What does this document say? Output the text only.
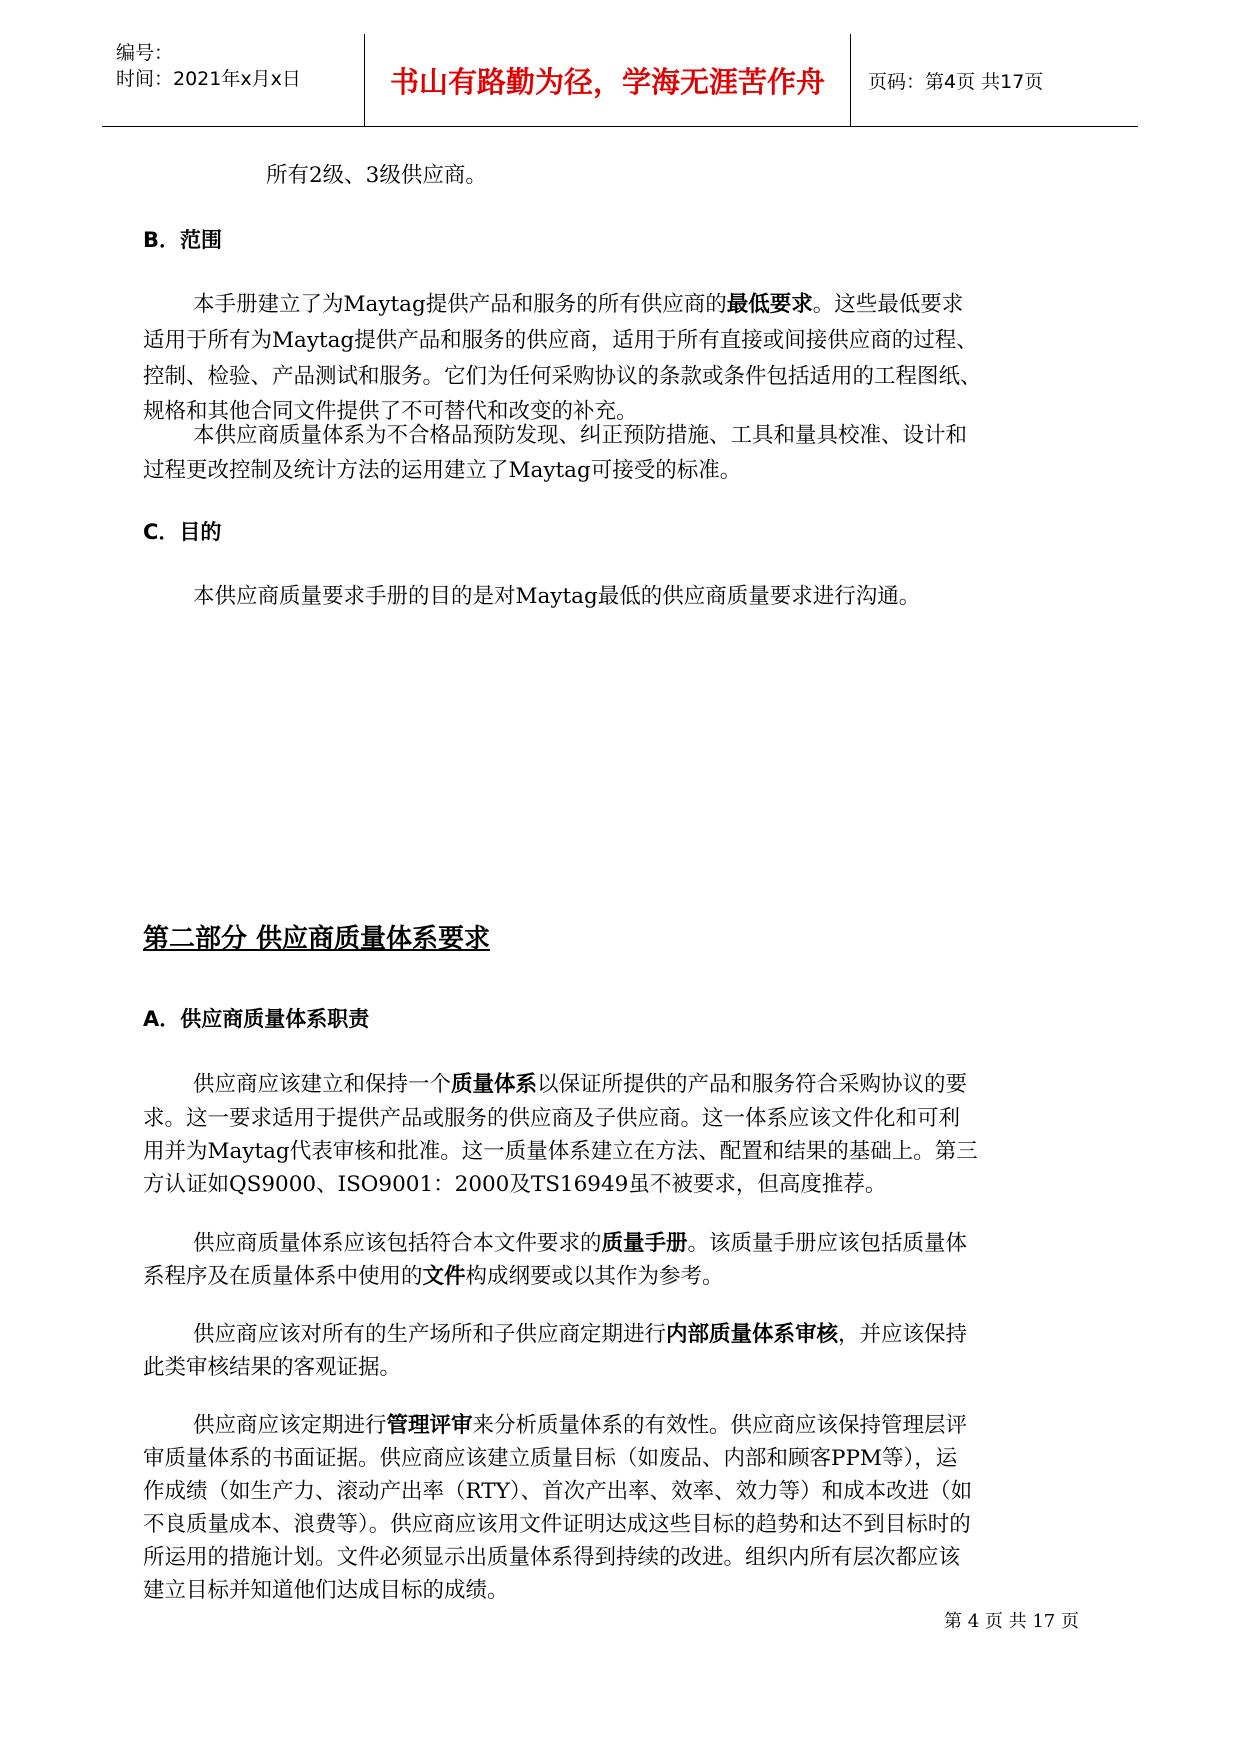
编号：
时间：2021年x月x日	书山有路勤为径，学海无涯苦作舟 页码：第4页 共17页
所有2级、3级供应商。
B．范围
本手册建立了为Maytag提供产品和服务的所有供应商的最低要求。这些最低要求
适用于所有为Maytag提供产品和服务的供应商，适用于所有直接或间接供应商的过程、
控制、检验、产品测试和服务。它们为任何采购协议的条款或条件包括适用的工程图纸、
规格和其他合同文件提供了不可替代和改变的补充。
本供应商质量体系为不合格品预防发现、纠正预防措施、工具和量具校准、设计和
过程更改控制及统计方法的运用建立了Maytag可接受的标准。
C．目的
本供应商质量要求手册的目的是对Maytag最低的供应商质量要求进行沟通。
第二部分 供应商质量体系要求
A．供应商质量体系职责
供应商应该建立和保持一个质量体系以保证所提供的产品和服务符合采购协议的要
求。这一要求适用于提供产品或服务的供应商及子供应商。这一体系应该文件化和可利
用并为Maytag代表审核和批准。这一质量体系建立在方法、配置和结果的基础上。第三
方认证如QS9000、ISO9001：2000及TS16949虽不被要求，但高度推荐。
供应商质量体系应该包括符合本文件要求的质量手册。该质量手册应该包括质量体
系程序及在质量体系中使用的文件构成纲要或以其作为参考。
供应商应该对所有的生产场所和子供应商定期进行内部质量体系审核，并应该保持
此类审核结果的客观证据。
供应商应该定期进行管理评审来分析质量体系的有效性。供应商应该保持管理层评
审质量体系的书面证据。供应商应该建立质量目标（如废品、内部和顾客PPM等），运
作成绩（如生产力、滚动产出率（RTY）、首次产出率、效率、效力等）和成本改进（如
不良质量成本、浪费等）。供应商应该用文件证明达成这些目标的趋势和达不到目标时的
所运用的措施计划。文件必须显示出质量体系得到持续的改进。组织内所有层次都应该
建立目标并知道他们达成目标的成绩。
第 4 页 共 17 页
